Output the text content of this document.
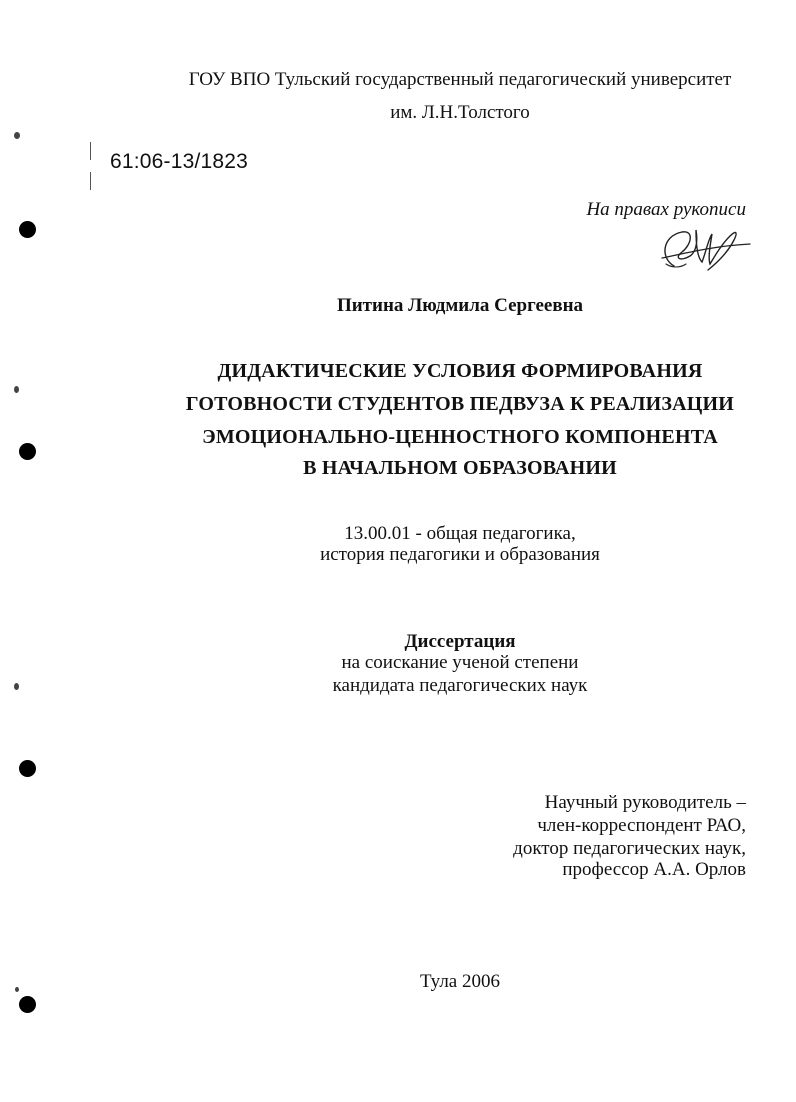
ГОУ ВПО Тульский государственный педагогический университет
им. Л.Н.Толстого
61:06-13/1823
На правах рукописи
Питина Людмила Сергеевна
ДИДАКТИЧЕСКИЕ УСЛОВИЯ ФОРМИРОВАНИЯ
ГОТОВНОСТИ СТУДЕНТОВ ПЕДВУЗА К РЕАЛИЗАЦИИ
ЭМОЦИОНАЛЬНО-ЦЕННОСТНОГО КОМПОНЕНТА
В НАЧАЛЬНОМ ОБРАЗОВАНИИ
13.00.01 - общая педагогика,
история педагогики и образования
Диссертация
на соискание ученой степени
кандидата педагогических наук
Научный руководитель –
член-корреспондент РАО,
доктор педагогических наук,
профессор А.А. Орлов
Тула 2006
